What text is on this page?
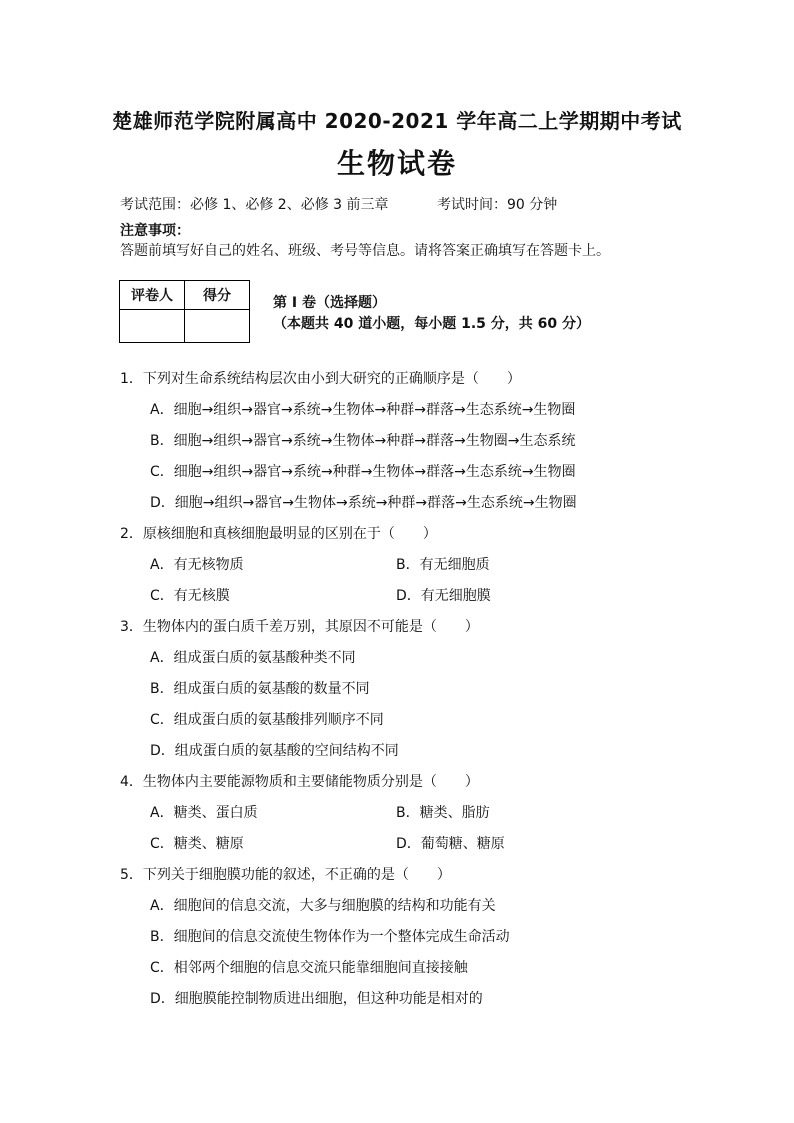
楚雄师范学院附属高中 2020-2021 学年高二上学期期中考试
生物试卷
考试范围：必修 1、必修 2、必修 3 前三章	考试时间：90 分钟
注意事项：
答题前填写好自己的姓名、班级、考号等信息。请将答案正确填写在答题卡上。
评卷人	得分
		第 I 卷（选择题）
（本题共 40 道小题，每小题 1.5 分，共 60 分）
1．下列对生命系统结构层次由小到大研究的正确顺序是（　　）
A．细胞→组织→器官→系统→生物体→种群→群落→生态系统→生物圈
B．细胞→组织→器官→系统→生物体→种群→群落→生物圈→生态系统
C．细胞→组织→器官→系统→种群→生物体→群落→生态系统→生物圈
D．细胞→组织→器官→生物体→系统→种群→群落→生态系统→生物圈
2．原核细胞和真核细胞最明显的区别在于（　　）
A．有无核物质	B．有无细胞质
C．有无核膜	D．有无细胞膜
3．生物体内的蛋白质千差万别，其原因不可能是（　　）
A．组成蛋白质的氨基酸种类不同
B．组成蛋白质的氨基酸的数量不同
C．组成蛋白质的氨基酸排列顺序不同
D．组成蛋白质的氨基酸的空间结构不同
4．生物体内主要能源物质和主要储能物质分别是（　　）
A．糖类、蛋白质	B．糖类、脂肪
C．糖类、糖原	D．葡萄糖、糖原
5．下列关于细胞膜功能的叙述，不正确的是（　　）
A．细胞间的信息交流，大多与细胞膜的结构和功能有关
B．细胞间的信息交流使生物体作为一个整体完成生命活动
C．相邻两个细胞的信息交流只能靠细胞间直接接触
D．细胞膜能控制物质进出细胞，但这种功能是相对的
